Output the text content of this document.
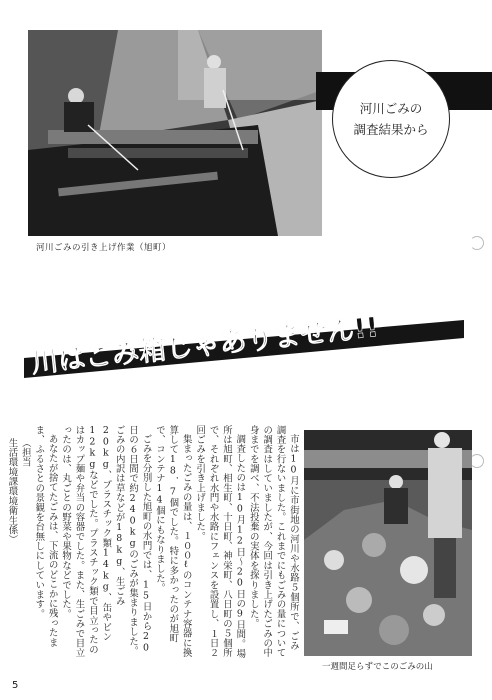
河川ごみの引き上げ作業（旭町）
河川ごみの
調査結果から
川はごみ箱じゃありません!!

市は10月に市街地の河川や水路５個所で、ごみ調査を行ないました。これまでにもごみの量についての調査はしていましたが、今回は引き上げたごみの中身までを調べ、不法投棄の実体を探りました。

調査したのは10月12日〜20日の9日間。場所は旭町、相生町、十日町、神栄町、八日町の５個所で、それぞれ水門や水路にフェンスを設置し、１日２回ごみを引き上げました。

集まったごみの量は、１００ℓのコンテナ容器に換算して18．7個でした。特に多かったのが旭町で、コンテナ14個にもなりました。

ごみを分別した旭町の水門では、15日から20日の６日間で約240kgのごみが集まりました。ごみの内訳は草などが18kg、生ごみ20kg、プラスチック類14kg、缶やビン12kgなどでした。プラスチック類で目立ったのはカップ麺や弁当の容器でした。また、生ごみで目立ったのは、丸ごとの野菜や果物などでした。

あなたが捨てたごみは、下流のどこかに残ったまま、ふるさとの景観を台無しにしています。

（担当

生活環境課環境衛生係）

一週間足らずでこのごみの山
5
